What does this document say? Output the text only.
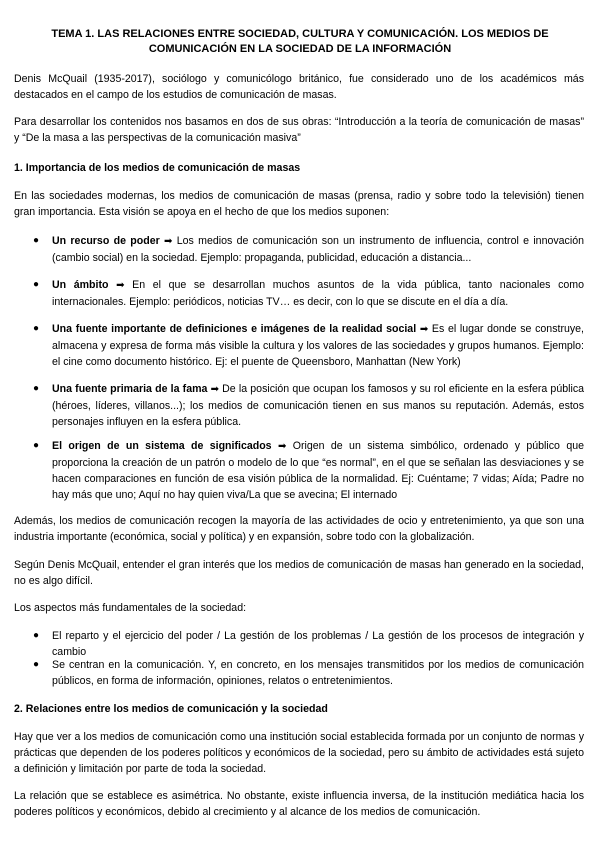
TEMA 1. LAS RELACIONES ENTRE SOCIEDAD, CULTURA Y COMUNICACIÓN. LOS MEDIOS DE COMUNICACIÓN EN LA SOCIEDAD DE LA INFORMACIÓN
Denis McQuail (1935-2017), sociólogo y comunicólogo británico, fue considerado uno de los académicos más destacados en el campo de los estudios de comunicación de masas.
Para desarrollar los contenidos nos basamos en dos de sus obras: “Introducción a la teoría de comunicación de masas” y “De la masa a las perspectivas de la comunicación masiva”
1. Importancia de los medios de comunicación de masas
En las sociedades modernas, los medios de comunicación de masas (prensa, radio y sobre todo la televisión) tienen gran importancia. Esta visión se apoya en el hecho de que los medios suponen:
● Un recurso de poder ➡ Los medios de comunicación son un instrumento de influencia, control e innovación (cambio social) en la sociedad. Ejemplo: propaganda, publicidad, educación a distancia...
● Un ámbito ➡ En el que se desarrollan muchos asuntos de la vida pública, tanto nacionales como internacionales. Ejemplo: periódicos, noticias TV… es decir, con lo que se discute en el día a día.
● Una fuente importante de definiciones e imágenes de la realidad social ➡ Es el lugar donde se construye, almacena y expresa de forma más visible la cultura y los valores de las sociedades y grupos humanos. Ejemplo: el cine como documento histórico. Ej: el puente de Queensboro, Manhattan (New York)
● Una fuente primaria de la fama ➡ De la posición que ocupan los famosos y su rol eficiente en la esfera pública (héroes, líderes, villanos...); los medios de comunicación tienen en sus manos su reputación. Además, estos personajes influyen en la esfera pública.
● El origen de un sistema de significados ➡ Origen de un sistema simbólico, ordenado y público que proporciona la creación de un patrón o modelo de lo que “es normal”, en el que se señalan las desviaciones y se hacen comparaciones en función de esa visión pública de la normalidad. Ej: Cuéntame; 7 vidas; Aída; Padre no hay más que uno; Aquí no hay quien viva/La que se avecina; El internado
Además, los medios de comunicación recogen la mayoría de las actividades de ocio y entretenimiento, ya que son una industria importante (económica, social y política) y en expansión, sobre todo con la globalización.
Según Denis McQuail, entender el gran interés que los medios de comunicación de masas han generado en la sociedad, no es algo difícil.
Los aspectos más fundamentales de la sociedad:
● El reparto y el ejercicio del poder / La gestión de los problemas / La gestión de los procesos de integración y cambio
● Se centran en la comunicación. Y, en concreto, en los mensajes transmitidos por los medios de comunicación públicos, en forma de información, opiniones, relatos o entretenimientos.
2. Relaciones entre los medios de comunicación y la sociedad
Hay que ver a los medios de comunicación como una institución social establecida formada por un conjunto de normas y prácticas que dependen de los poderes políticos y económicos de la sociedad, pero su ámbito de actividades está sujeto a definición y limitación por parte de toda la sociedad.
La relación que se establece es asimétrica. No obstante, existe influencia inversa, de la institución mediática hacia los poderes políticos y económicos, debido al crecimiento y al alcance de los medios de comunicación.
